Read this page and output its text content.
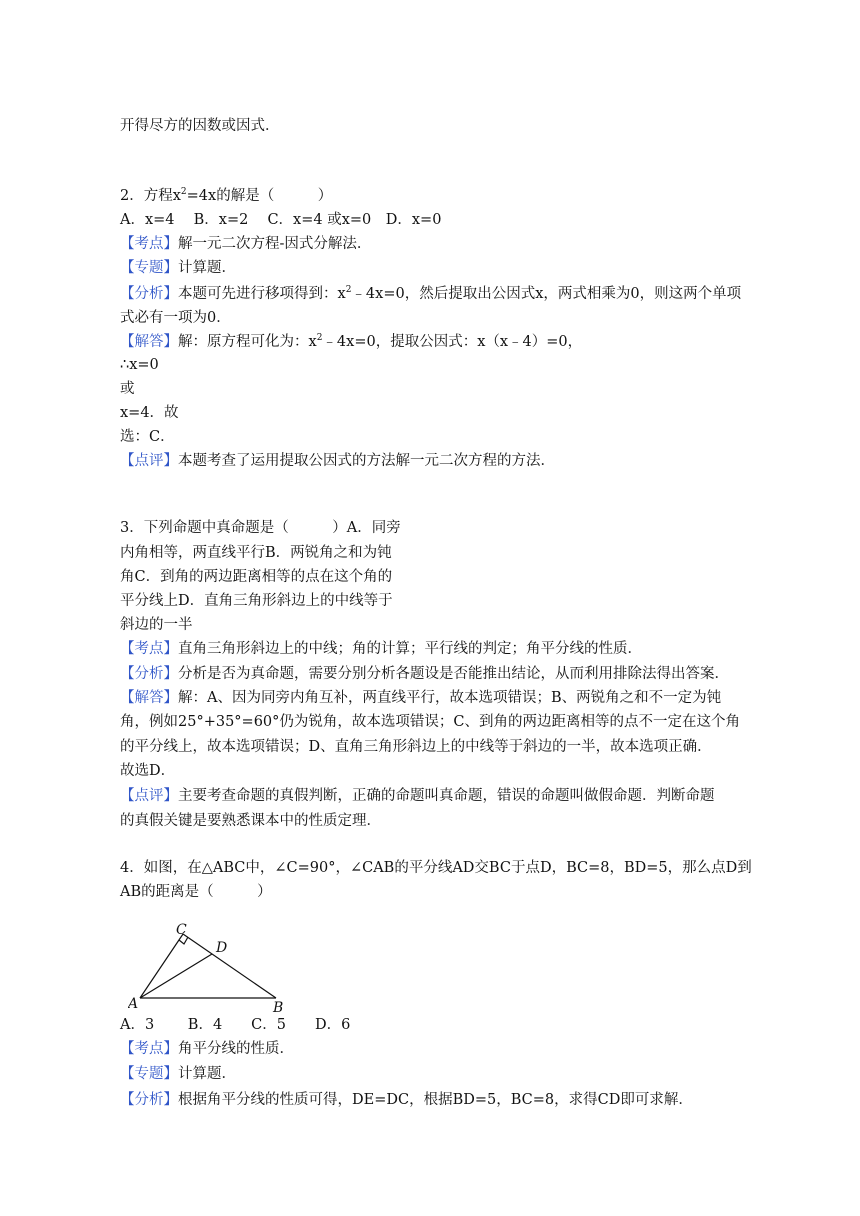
开得尽方的因数或因式．
2．方程$x^2=4x$的解是（　　　）
A．x=4　 B．x=2　 C．x=4 或x=0　D．x=0
【考点】解一元二次方程-因式分解法．
【专题】计算题．
【分析】本题可先进行移项得到：$x^2﹣4x=0$，然后提取出公因式x，两式相乘为0，则这两个单项
式必有一项为0．
【解答】解：原方程可化为：$x^2﹣4x=0$，提取公因式：x（x﹣4）=0，
∴x=0
或
x=4．故
选：C．
【点评】本题考查了运用提取公因式的方法解一元二次方程的方法．
3．下列命题中真命题是（　　　）A．同旁
内角相等，两直线平行B．两锐角之和为钝
角C．到角的两边距离相等的点在这个角的
平分线上D．直角三角形斜边上的中线等于
斜边的一半
【考点】直角三角形斜边上的中线；角的计算；平行线的判定；角平分线的性质．
【分析】分析是否为真命题，需要分别分析各题设是否能推出结论，从而利用排除法得出答案．
【解答】解：A、因为同旁内角互补，两直线平行，故本选项错误；B、两锐角之和不一定为钝
角，例如25°+35°=60°仍为锐角，故本选项错误；C、到角的两边距离相等的点不一定在这个角
的平分线上，故本选项错误；D、直角三角形斜边上的中线等于斜边的一半，故本选项正确．
故选D．
【点评】主要考查命题的真假判断，正确的命题叫真命题，错误的命题叫做假命题．判断命题
的真假关键是要熟悉课本中的性质定理．
4．如图，在△ABC中，∠C=90°，∠CAB的平分线AD交BC于点D，BC=8，BD=5，那么点D到
AB的距离是（　　　）
C
D
A	B
A．3　　 B．4　　C．5　　D．6
【考点】角平分线的性质．
【专题】计算题．
【分析】根据角平分线的性质可得，DE=DC，根据BD=5，BC=8，求得CD即可求解．
